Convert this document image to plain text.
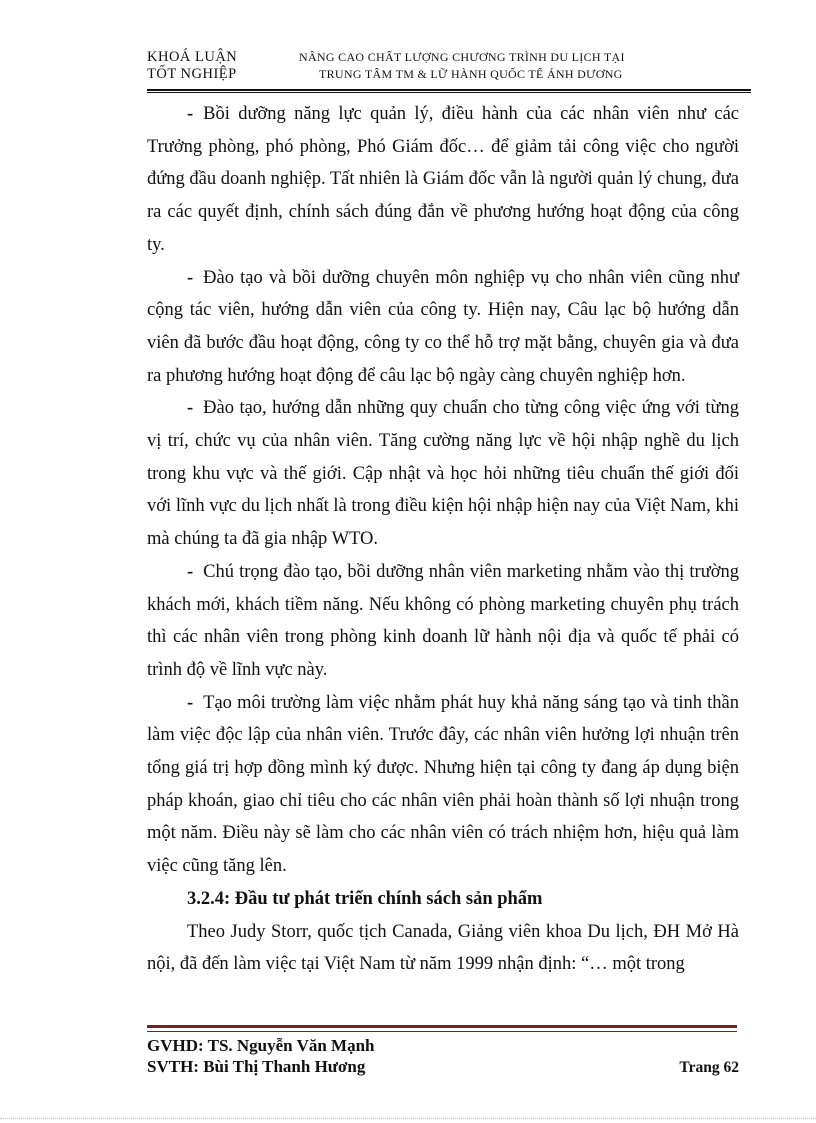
KHOÁ LUẬN
TỐT NGHIỆP
NÂNG CAO CHẤT LƯỢNG CHƯƠNG TRÌNH DU LỊCH TẠI
TRUNG TÂM TM & LỮ HÀNH QUỐC TẾ ÁNH DƯƠNG

- Bồi dưỡng năng lực quản lý, điều hành của các nhân viên như các Trưởng phòng, phó phòng, Phó Giám đốc… để giảm tải công việc cho người đứng đầu doanh nghiệp. Tất nhiên là Giám đốc vẫn là người quản lý chung, đưa ra các quyết định, chính sách đúng đắn về phương hướng hoạt động của công ty.

- Đào tạo và bồi dưỡng chuyên môn nghiệp vụ cho nhân viên cũng như cộng tác viên, hướng dẫn viên của công ty. Hiện nay, Câu lạc bộ hướng dẫn viên đã bước đầu hoạt động, công ty co thể hỗ trợ mặt bằng, chuyên gia và đưa ra phương hướng hoạt động để câu lạc bộ ngày càng chuyên nghiệp hơn.

- Đào tạo, hướng dẫn những quy chuẩn cho từng công việc ứng với từng vị trí, chức vụ của nhân viên. Tăng cường năng lực về hội nhập nghề du lịch trong khu vực và thế giới. Cập nhật và học hỏi những tiêu chuẩn thế giới đối với lĩnh vực du lịch nhất là trong điều kiện hội nhập hiện nay của Việt Nam, khi mà chúng ta đã gia nhập WTO.

- Chú trọng đào tạo, bồi dưỡng nhân viên marketing nhằm vào thị trường khách mới, khách tiềm năng. Nếu không có phòng marketing chuyên phụ trách thì các nhân viên trong phòng kinh doanh lữ hành nội địa và quốc tế phải có trình độ về lĩnh vực này.

- Tạo môi trường làm việc nhằm phát huy khả năng sáng tạo và tinh thần làm việc độc lập của nhân viên. Trước đây, các nhân viên hưởng lợi nhuận trên tổng giá trị hợp đồng mình ký được. Nhưng hiện tại công ty đang áp dụng biện pháp khoán, giao chỉ tiêu cho các nhân viên phải hoàn thành số lợi nhuận trong một năm. Điều này sẽ làm cho các nhân viên có trách nhiệm hơn, hiệu quả làm việc cũng tăng lên.

3.2.4: Đầu tư phát triển chính sách sản phẩm

Theo Judy Storr, quốc tịch Canada, Giảng viên khoa Du lịch, ĐH Mở Hà nội, đã đến làm việc tại Việt Nam từ năm 1999 nhận định: “… một trong

GVHD: TS. Nguyễn Văn Mạnh
SVTH: Bùi Thị Thanh Hương	Trang 62
